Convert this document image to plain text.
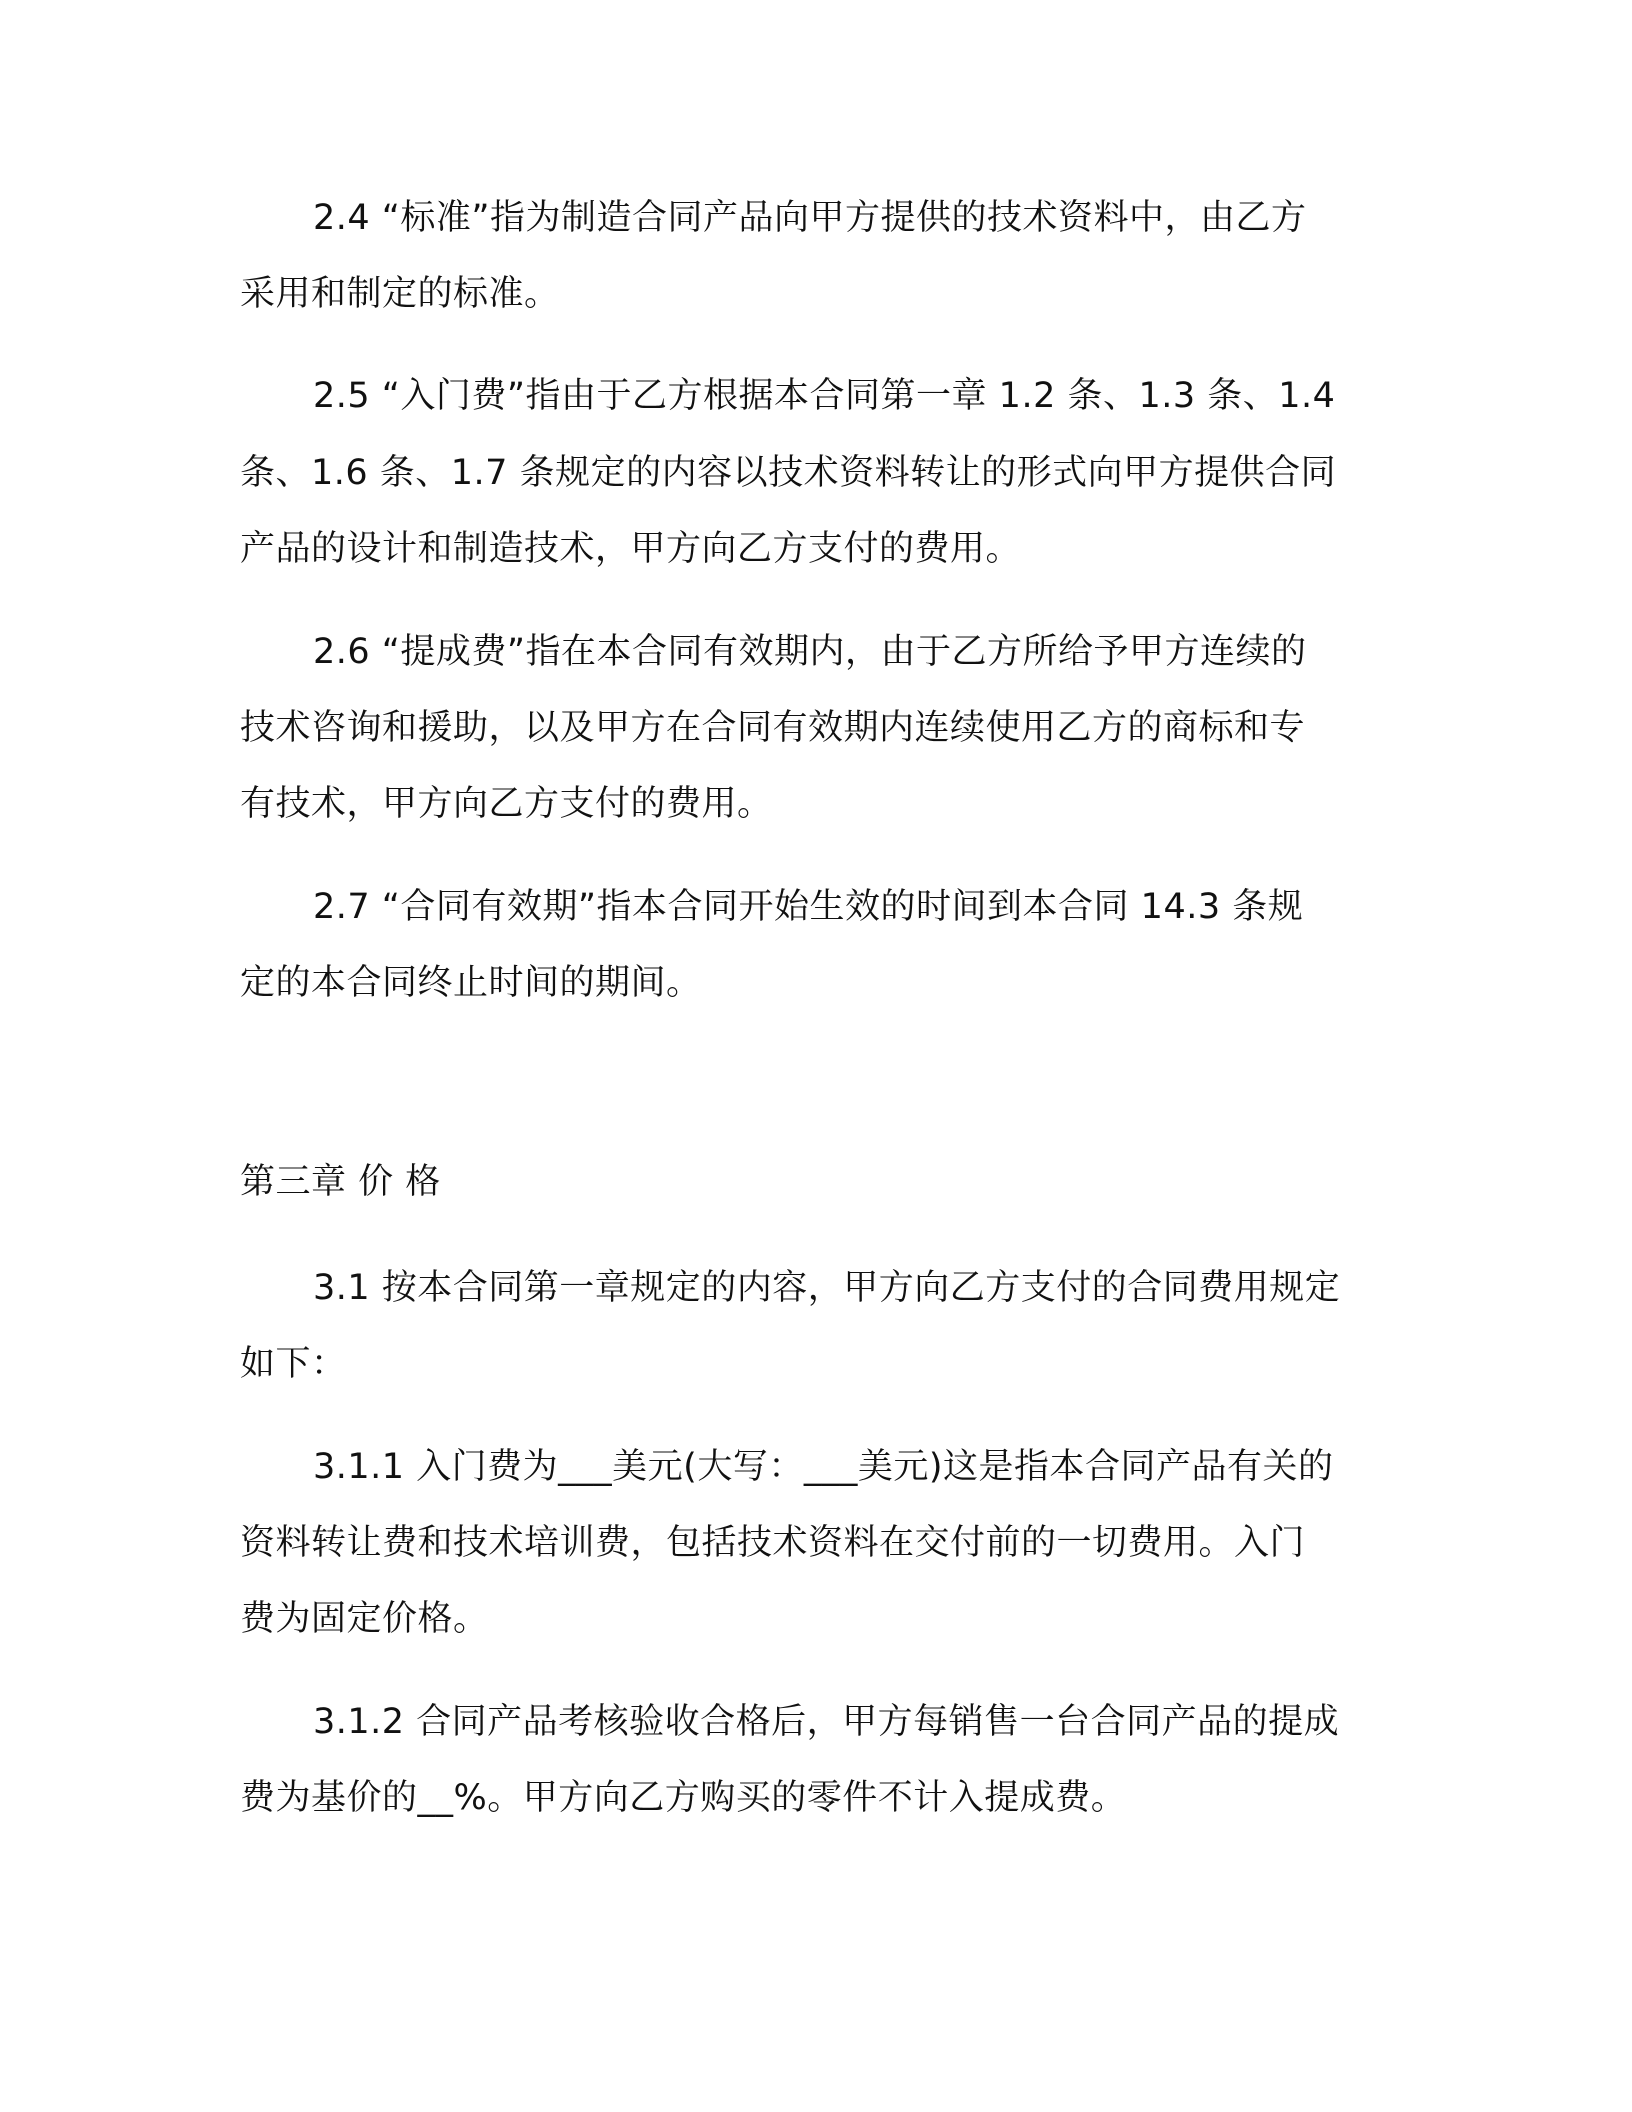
2.4 “标准”指为制造合同产品向甲方提供的技术资料中，由乙方

采用和制定的标准。

2.5 “入门费”指由于乙方根据本合同第一章 1.2 条、1.3 条、1.4

条、1.6 条、1.7 条规定的内容以技术资料转让的形式向甲方提供合同

产品的设计和制造技术，甲方向乙方支付的费用。

2.6 “提成费”指在本合同有效期内，由于乙方所给予甲方连续的

技术咨询和援助，以及甲方在合同有效期内连续使用乙方的商标和专

有技术，甲方向乙方支付的费用。

2.7 “合同有效期”指本合同开始生效的时间到本合同 14.3 条规

定的本合同终止时间的期间。

第三章 价 格

3.1 按本合同第一章规定的内容，甲方向乙方支付的合同费用规定

如下：

3.1.1 入门费为___美元(大写：___美元)这是指本合同产品有关的

资料转让费和技术培训费，包括技术资料在交付前的一切费用。入门

费为固定价格。

3.1.2 合同产品考核验收合格后，甲方每销售一台合同产品的提成

费为基价的__%。甲方向乙方购买的零件不计入提成费。
